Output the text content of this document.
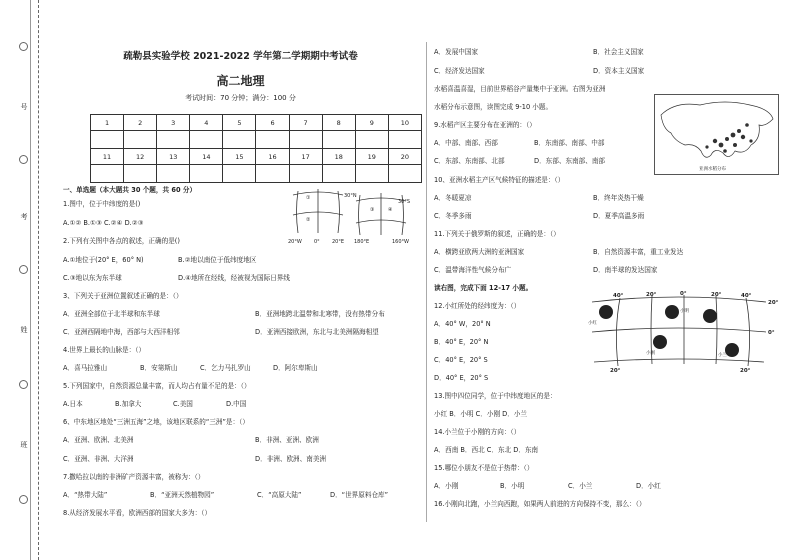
号
考
姓
班
疏勒县实验学校 2021-2022 学年第二学期期中考试卷
高二地理
考试时间：70 分钟；满分：100 分
1	2	3	4	5	6	7	8	9	10

11	12	13	14	15	16	17	18	19	20

一、单选题（本大题共 30 个题，共 60 分）
1.图中，位于中纬度的是()
A.①② B.①③ C.②④ D.②③
2.下列有关图中各点的叙述，正确的是()
A.①地位于(20° E，60° N)	B.②地以南位于低纬度地区
C.③地以东为东半球	D.④地所在经线，经被视为国际日界线
3、下列关于亚洲位置叙述正确的是：（）
A．亚洲全部位于北半球和东半球	B．亚洲地跨北温带和北寒带，没有热带分布
C．亚洲西隔地中海，西部与大西洋相邻	D．亚洲西接欧洲，东北与北美洲隔海相望
4.世界上最长的山脉是：（）
A．喜马拉雅山	B．安第斯山	C．乞力马扎罗山	D．阿尔卑斯山
5.下列国家中，自然资源总量丰富，而人均占有量不足的是：（）
A.日本	B.加拿大	C.美国	D.中国
6、中东地区地处“三洲五海”之地，该地区联系的“三洲”是：（）
A．亚洲、欧洲、北美洲	B．非洲、亚洲、欧洲
C．亚洲、非洲、大洋洲	D．非洲、欧洲、南美洲
7.撒哈拉以南的非洲矿产资源丰富，被称为：（）
A．“热带大陆”	B．“亚洲天然植物园”	C．“高原大陆”	D．“世界原料仓库”
8.从经济发展水平看，欧洲西部的国家大多为：（）
①
②
③	④
30°N
30°S
20°W 0° 20°E 180°E	160°W
A．发展中国家	B．社会主义国家
C．经济发达国家	D．资本主义国家
水稻喜温喜湿，目前世界稻谷产量集中于亚洲。右图为亚洲
水稻分布示意图，读图完成 9-10 小题。
9.水稻产区主要分布在亚洲的：（）
A．中部、南部、西部	B．东南部、南部、中部
C．东部、东南部、北部	D．东部、东南部、南部
10、亚洲水稻主产区气候特征的描述是：（）
A．冬暖夏凉	B．终年炎热干燥
C．冬季多雨	D．夏季高温多雨
11.下列关于俄罗斯的叙述，正确的是：（）
A．横跨亚欧两大洲的亚洲国家	B．自然资源丰富，重工业发达
C．温带海洋性气候分布广	D．南半球的发达国家
读右图，完成下面 12-17 小题。
12.小红所处的经纬度为：（）
A．40° W，20° N
B．40° E，20° N
C．40° E，20° S
D．40° E，20° S
13.图中四位同学，位于中纬度地区的是：
小红 B．小明 C．小刚 D．小兰
14.小兰位于小刚的方向：（）
A．西南 B．西北 C．东北 D．东南
15.哪位小朋友不是位于热带：（）
A．小刚	B．小明	C．小兰	D．小红
16.小刚向北跑，小兰向西跑，如果两人前进的方向保持不变，那么：（）
亚洲水稻分布
40°	20°	0°	20°	40°
0°
20°
20°	20°
小红
小明
小刚	小兰
